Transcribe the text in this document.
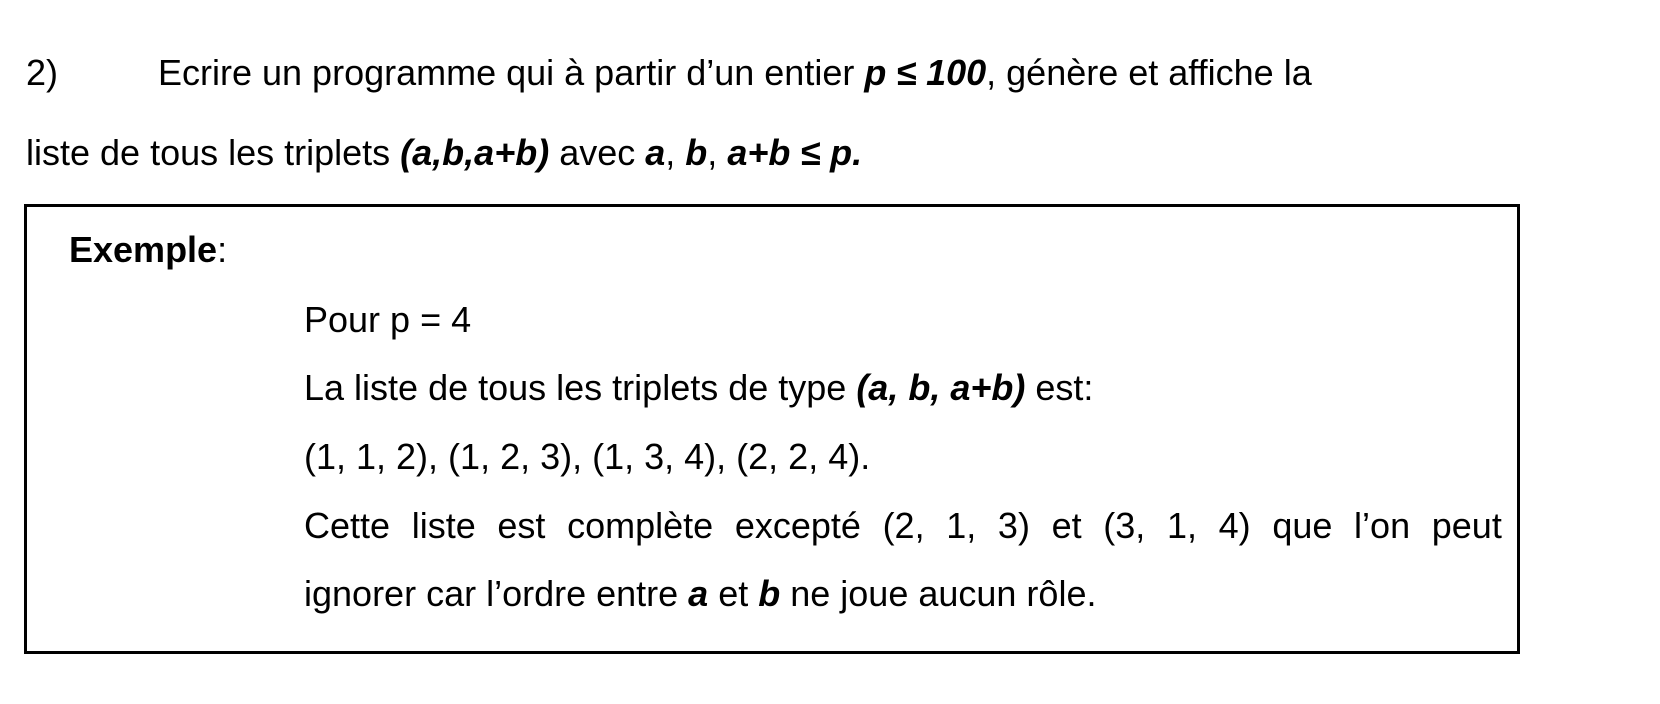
2)	Ecrire un programme qui à partir d’un entier p ≤ 100, génère et affiche la
liste de tous les triplets (a,b,a+b) avec a, b, a+b ≤ p.
Exemple:
Pour p = 4
La liste de tous les triplets de type (a, b, a+b) est:
(1, 1, 2), (1, 2, 3), (1, 3, 4), (2, 2, 4).
Cette liste est complète excepté (2, 1, 3) et (3, 1, 4) que l’on peut
ignorer car l’ordre entre a et b ne joue aucun rôle.
